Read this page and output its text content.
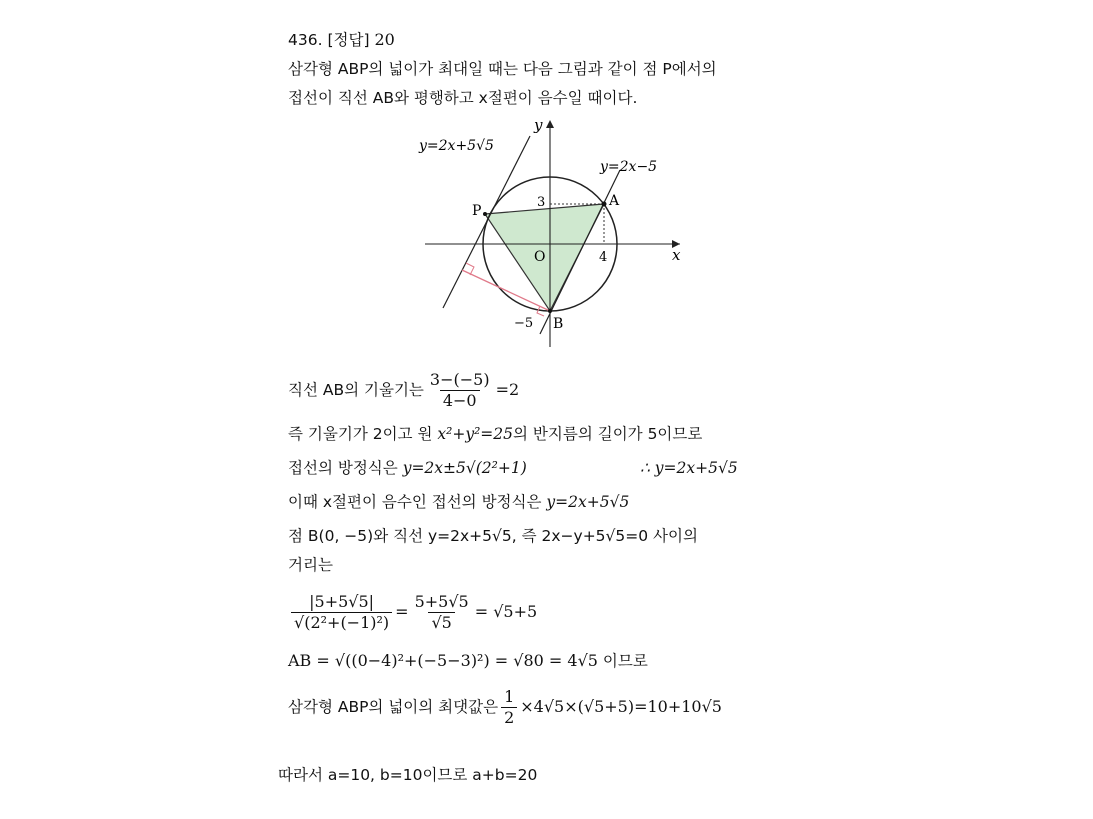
436. [정답] 20
삼각형 ABP의 넓이가 최대일 때는 다음 그림과 같이 점 P에서의
접선이 직선 AB와 평행하고 x절편이 음수일 때이다.
y=2x+5√5
y=2x−5
y
x
O
P
A
B
3
4
−5
직선 AB의 기울기는 $\frac{3-(-5)}{4-0} =2$
즉 기울기가 2이고 원 x²+y²=25의 반지름의 길이가 5이므로
접선의 방정식은 y=2x±5√(2²+1)	∴ y=2x+5√5
이때 x절편이 음수인 접선의 방정식은 y=2x+5√5
점 B(0, −5)와 직선 y=2x+5√5, 즉 2x−y+5√5=0 사이의
거리는
$\frac{|5+5√5|}{\text{√(2²+(−1)²)}} = \frac{5+5√5}{√5} = √5+5$
AB = √((0−4)²+(−5−3)²) = √80 = 4√5 이므로
삼각형 ABP의 넓이의 최댓값은 $\frac{1}{2} \times 4√5\times(√5+5)=10+10√5$
따라서 a=10, b=10이므로 a+b=20
